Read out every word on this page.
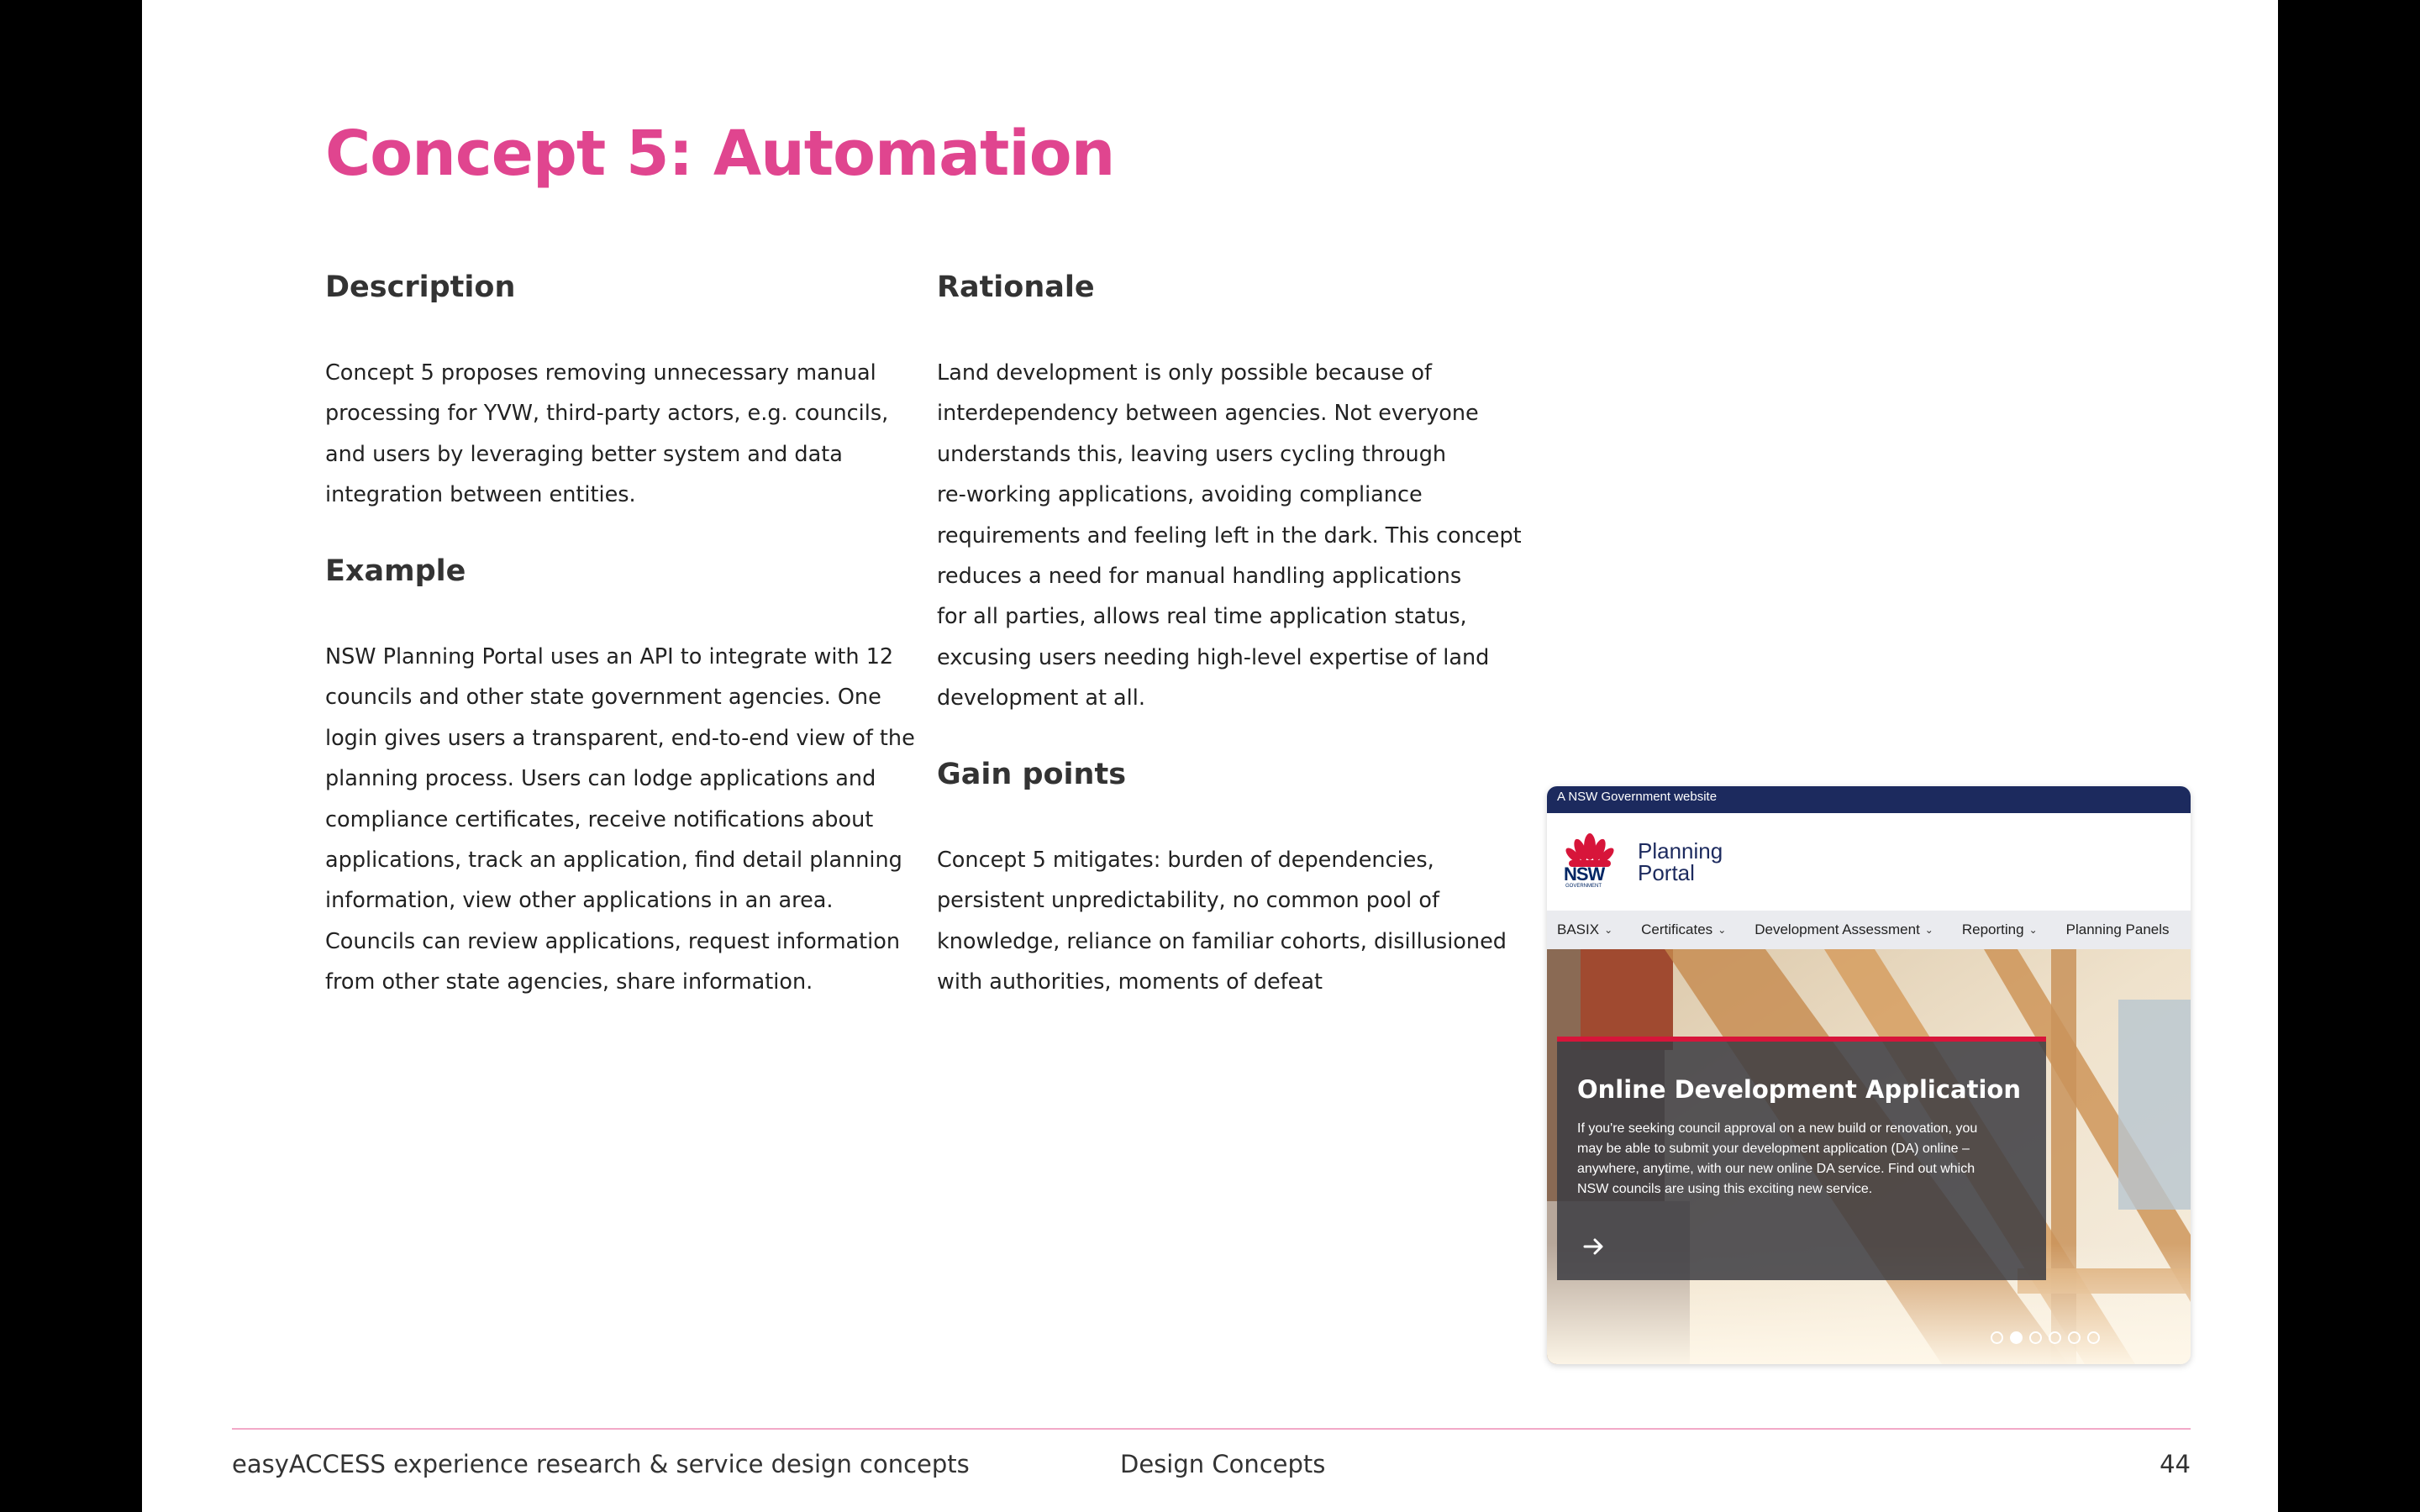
Concept 5: Automation
Description
Concept 5 proposes removing unnecessary manual
processing for YVW, third-party actors, e.g. councils,
and users by leveraging better system and data
integration between entities.
Example
NSW Planning Portal uses an API to integrate with 12
councils and other state government agencies. One
login gives users a transparent, end-to-end view of the
planning process. Users can lodge applications and
compliance certificates, receive notifications about
applications, track an application, find detail planning
information, view other applications in an area.
Councils can review applications, request information
from other state agencies, share information.
Rationale
Land development is only possible because of
interdependency between agencies. Not everyone
understands this, leaving users cycling through
re-working applications, avoiding compliance
requirements and feeling left in the dark. This concept
reduces a need for manual handling applications
for all parties, allows real time application status,
excusing users needing high-level expertise of land
development at all.
Gain points
Concept 5 mitigates: burden of dependencies,
persistent unpredictability, no common pool of
knowledge, reliance on familiar cohorts, disillusioned
with authorities, moments of defeat
A NSW Government website
NSW
GOVERNMENT
Planning
Portal
BASIX ⌄ Certificates ⌄ Development Assessment ⌄ Reporting ⌄ Planning Panels
Online Development Application
If you're seeking council approval on a new build or renovation, you
may be able to submit your development application (DA) online –
anywhere, anytime, with our new online DA service. Find out which
NSW councils are using this exciting new service.
easyACCESS experience research & service design concepts	Design Concepts	44
